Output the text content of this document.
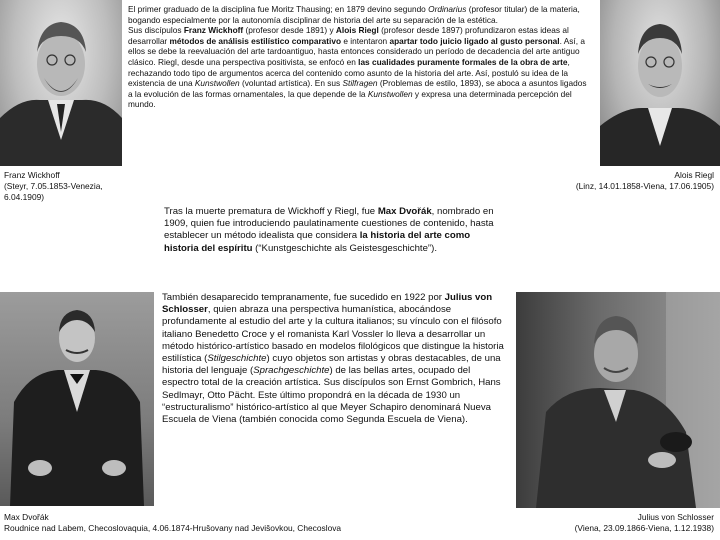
Franz Wickhoff
(Steyr, 7.05.1853-Venezia, 6.04.1909)
Alois Riegl
(Linz, 14.01.1858-Viena, 17.06.1905)
El primer graduado de la disciplina fue Moritz Thausing; en 1879 devino segundo Ordinarius (profesor titular) de la materia, bogando especialmente por la autonomía disciplinar de historia del arte su separación de la estética.
Sus discípulos Franz Wickhoff (profesor desde 1891) y Alois Riegl (profesor desde 1897) profundizaron estas ideas al desarrollar métodos de análisis estilístico comparativo e intentaron apartar todo juicio ligado al gusto personal. Así, a ellos se debe la reevaluación del arte tardoantiguo, hasta entonces considerado un período de decadencia del arte antiguo clásico. Riegl, desde una perspectiva positivista, se enfocó en las cualidades puramente formales de la obra de arte, rechazando todo tipo de argumentos acerca del contenido como asunto de la historia del arte. Así, postuló su idea de la existencia de una Kunstwollen (voluntad artística). En sus Stilfragen (Problemas de estilo, 1893), se aboca a asuntos ligados a la evolución de las formas ornamentales, la que depende de la Kunstwollen y expresa una determinada percepción del mundo.
Tras la muerte prematura de Wickhoff y Riegl, fue Max Dvořák, nombrado en 1909, quien fue introduciendo paulatinamente cuestiones de contenido, hasta establecer un método idealista que considera la historia del arte como historia del espíritu (“Kunstgeschichte als Geistesgeschichte”).
Max Dvořák
Roudnice nad Labem, Checoslovaquia, 4.06.1874-Hrušovany nad Jevišovkou, Checoslova
También desaparecido tempranamente, fue sucedido en 1922 por Julius von Schlosser, quien abraza una perspectiva humanística, abocándose profundamente al estudio del arte y la cultura italianos; su vínculo con el filósofo italiano Benedetto Croce y el romanista Karl Vossler lo lleva a desarrollar un método histórico-artístico basado en modelos filológicos que distingue la historia estilística (Stilgeschichte) cuyo objetos son artistas y obras destacables, de una historia del lenguaje (Sprachgeschichte) de las bellas artes, ocupado del espectro total de la creación artística. Sus discípulos son Ernst Gombrich, Hans Sedlmayr, Otto Pächt. Este último propondrá en la década de 1930 un “estructuralismo” histórico-artístico al que Meyer Schapiro denominará Nueva Escuela de Viena (también conocida como Segunda Escuela de Viena).
Julius von Schlosser
(Viena, 23.09.1866-Viena, 1.12.1938)
